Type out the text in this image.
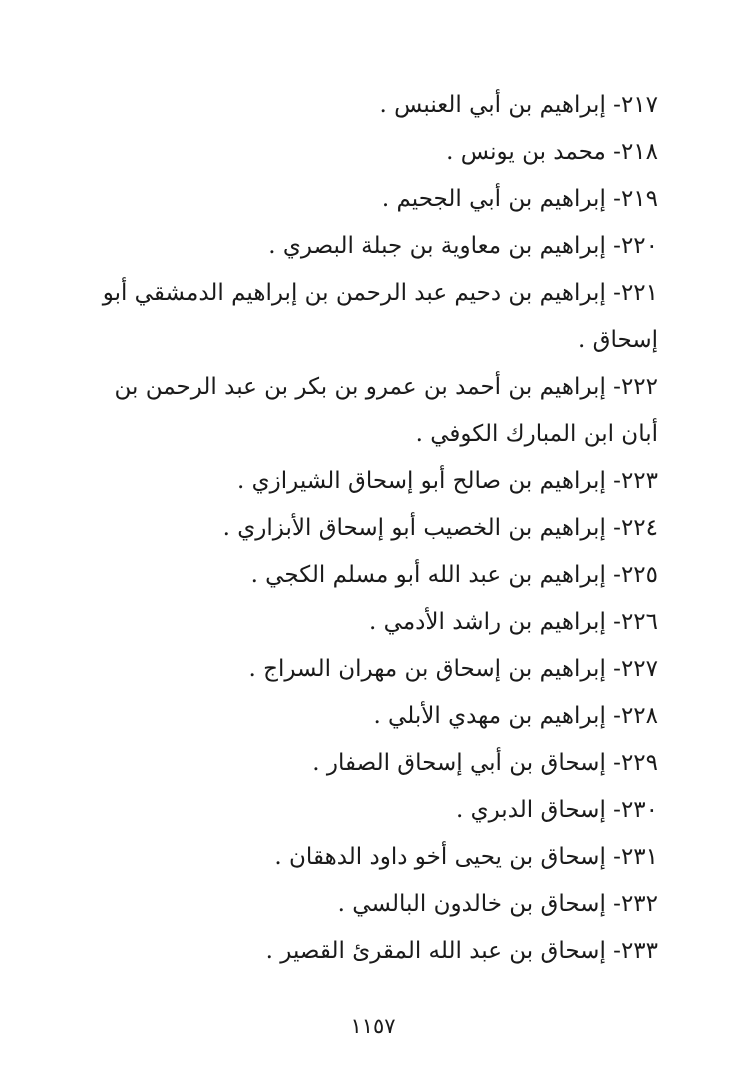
٢١٧- إبراهيم بن أبي العنبس .

٢١٨- محمد بن يونس .

٢١٩- إبراهيم بن أبي الجحيم .

٢٢٠- إبراهيم بن معاوية بن جبلة البصري .

٢٢١- إبراهيم بن دحيم عبد الرحمن بن إبراهيم الدمشقي أبو إسحاق .

٢٢٢- إبراهيم بن أحمد بن عمرو بن بكر بن عبد الرحمن بن أبان ابن المبارك الكوفي .

٢٢٣- إبراهيم بن صالح أبو إسحاق الشيرازي .

٢٢٤- إبراهيم بن الخصيب أبو إسحاق الأبزاري .

٢٢٥- إبراهيم بن عبد الله أبو مسلم الكجي .

٢٢٦- إبراهيم بن راشد الأدمي .

٢٢٧- إبراهيم بن إسحاق بن مهران السراج .

٢٢٨- إبراهيم بن مهدي الأبلي .

٢٢٩- إسحاق بن أبي إسحاق الصفار .

٢٣٠- إسحاق الدبري .

٢٣١- إسحاق بن يحيى أخو داود الدهقان .

٢٣٢- إسحاق بن خالدون البالسي .

٢٣٣- إسحاق بن عبد الله المقرئ القصير .

١١٥٧
